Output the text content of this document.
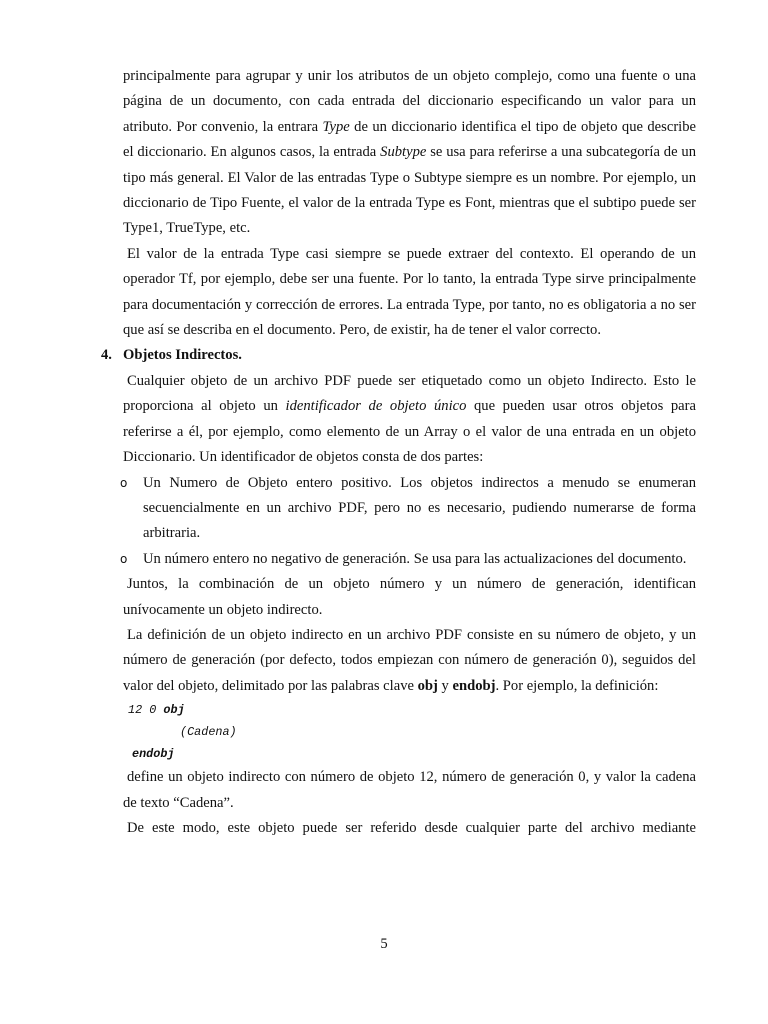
principalmente para agrupar y unir los atributos de un objeto complejo, como una fuente o una página de un documento, con cada entrada del diccionario especificando un valor para un atributo. Por convenio, la entrara Type de un diccionario identifica el tipo de objeto que describe el diccionario. En algunos casos, la entrada Subtype se usa para referirse a una subcategoría de un tipo más general. El Valor de las entradas Type o Subtype siempre es un nombre. Por ejemplo, un diccionario de Tipo Fuente, el valor de la entrada Type es Font, mientras que el subtipo puede ser Type1, TrueType, etc.

El valor de la entrada Type casi siempre se puede extraer del contexto. El operando de un operador Tf, por ejemplo, debe ser una fuente. Por lo tanto, la entrada Type sirve principalmente para documentación y corrección de errores. La entrada Type, por tanto, no es obligatoria a no ser que así se describa en el documento. Pero, de existir, ha de tener el valor correcto.

4. Objetos Indirectos.

Cualquier objeto de un archivo PDF puede ser etiquetado como un objeto Indirecto. Esto le proporciona al objeto un identificador de objeto único que pueden usar otros objetos para referirse a él, por ejemplo, como elemento de un Array o el valor de una entrada en un objeto Diccionario. Un identificador de objetos consta de dos partes:

o Un Numero de Objeto entero positivo. Los objetos indirectos a menudo se enumeran secuencialmente en un archivo PDF, pero no es necesario, pudiendo numerarse de forma arbitraria.

o Un número entero no negativo de generación. Se usa para las actualizaciones del documento.

Juntos, la combinación de un objeto número y un número de generación, identifican unívocamente un objeto indirecto.

La definición de un objeto indirecto en un archivo PDF consiste en su número de objeto, y un número de generación (por defecto, todos empiezan con número de generación 0), seguidos del valor del objeto, delimitado por las palabras clave obj y endobj. Por ejemplo, la definición:

12 0 obj

(Cadena)

endobj

define un objeto indirecto con número de objeto 12, número de generación 0, y valor la cadena de texto “Cadena”.

De este modo, este objeto puede ser referido desde cualquier parte del archivo mediante

5
